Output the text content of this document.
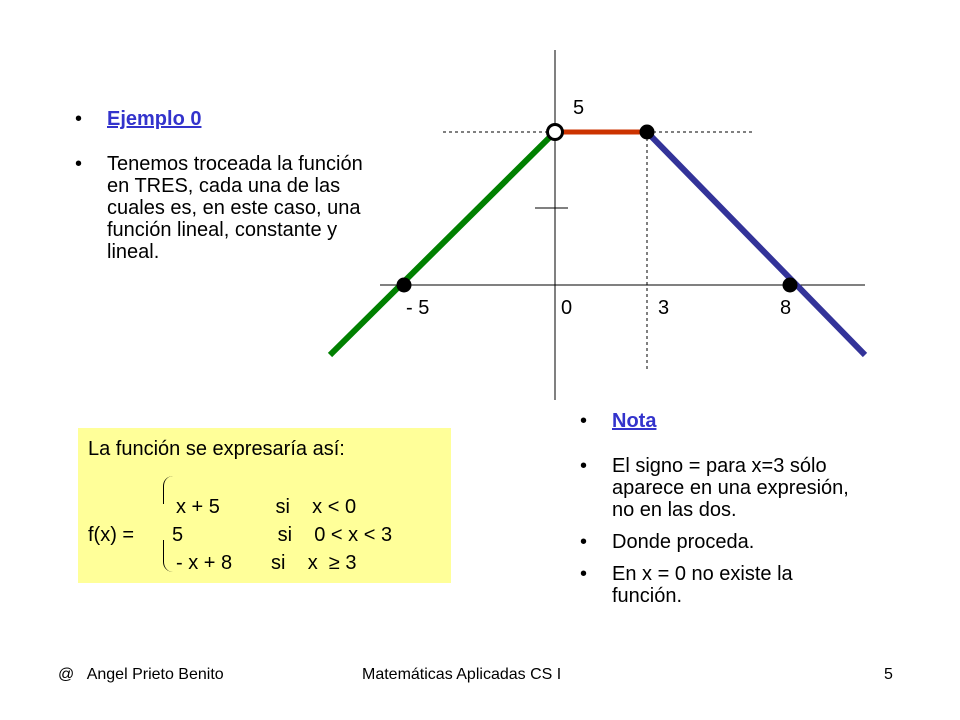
• Ejemplo 0
• Tenemos troceada la función en TRES, cada una de las cuales es, en este caso, una función lineal, constante y lineal.
5
- 5	0	3	8
La función se expresaría así:
x + 5          si    x < 0
f(x) = 5                 si    0 < x < 3
- x + 8       si    x  ≥ 3
• Nota
• El signo = para x=3 sólo aparece en una expresión, no en las dos.
• Donde proceda.
• En x = 0 no existe la función.
@   Angel Prieto Benito	Matemáticas Aplicadas CS I	5
